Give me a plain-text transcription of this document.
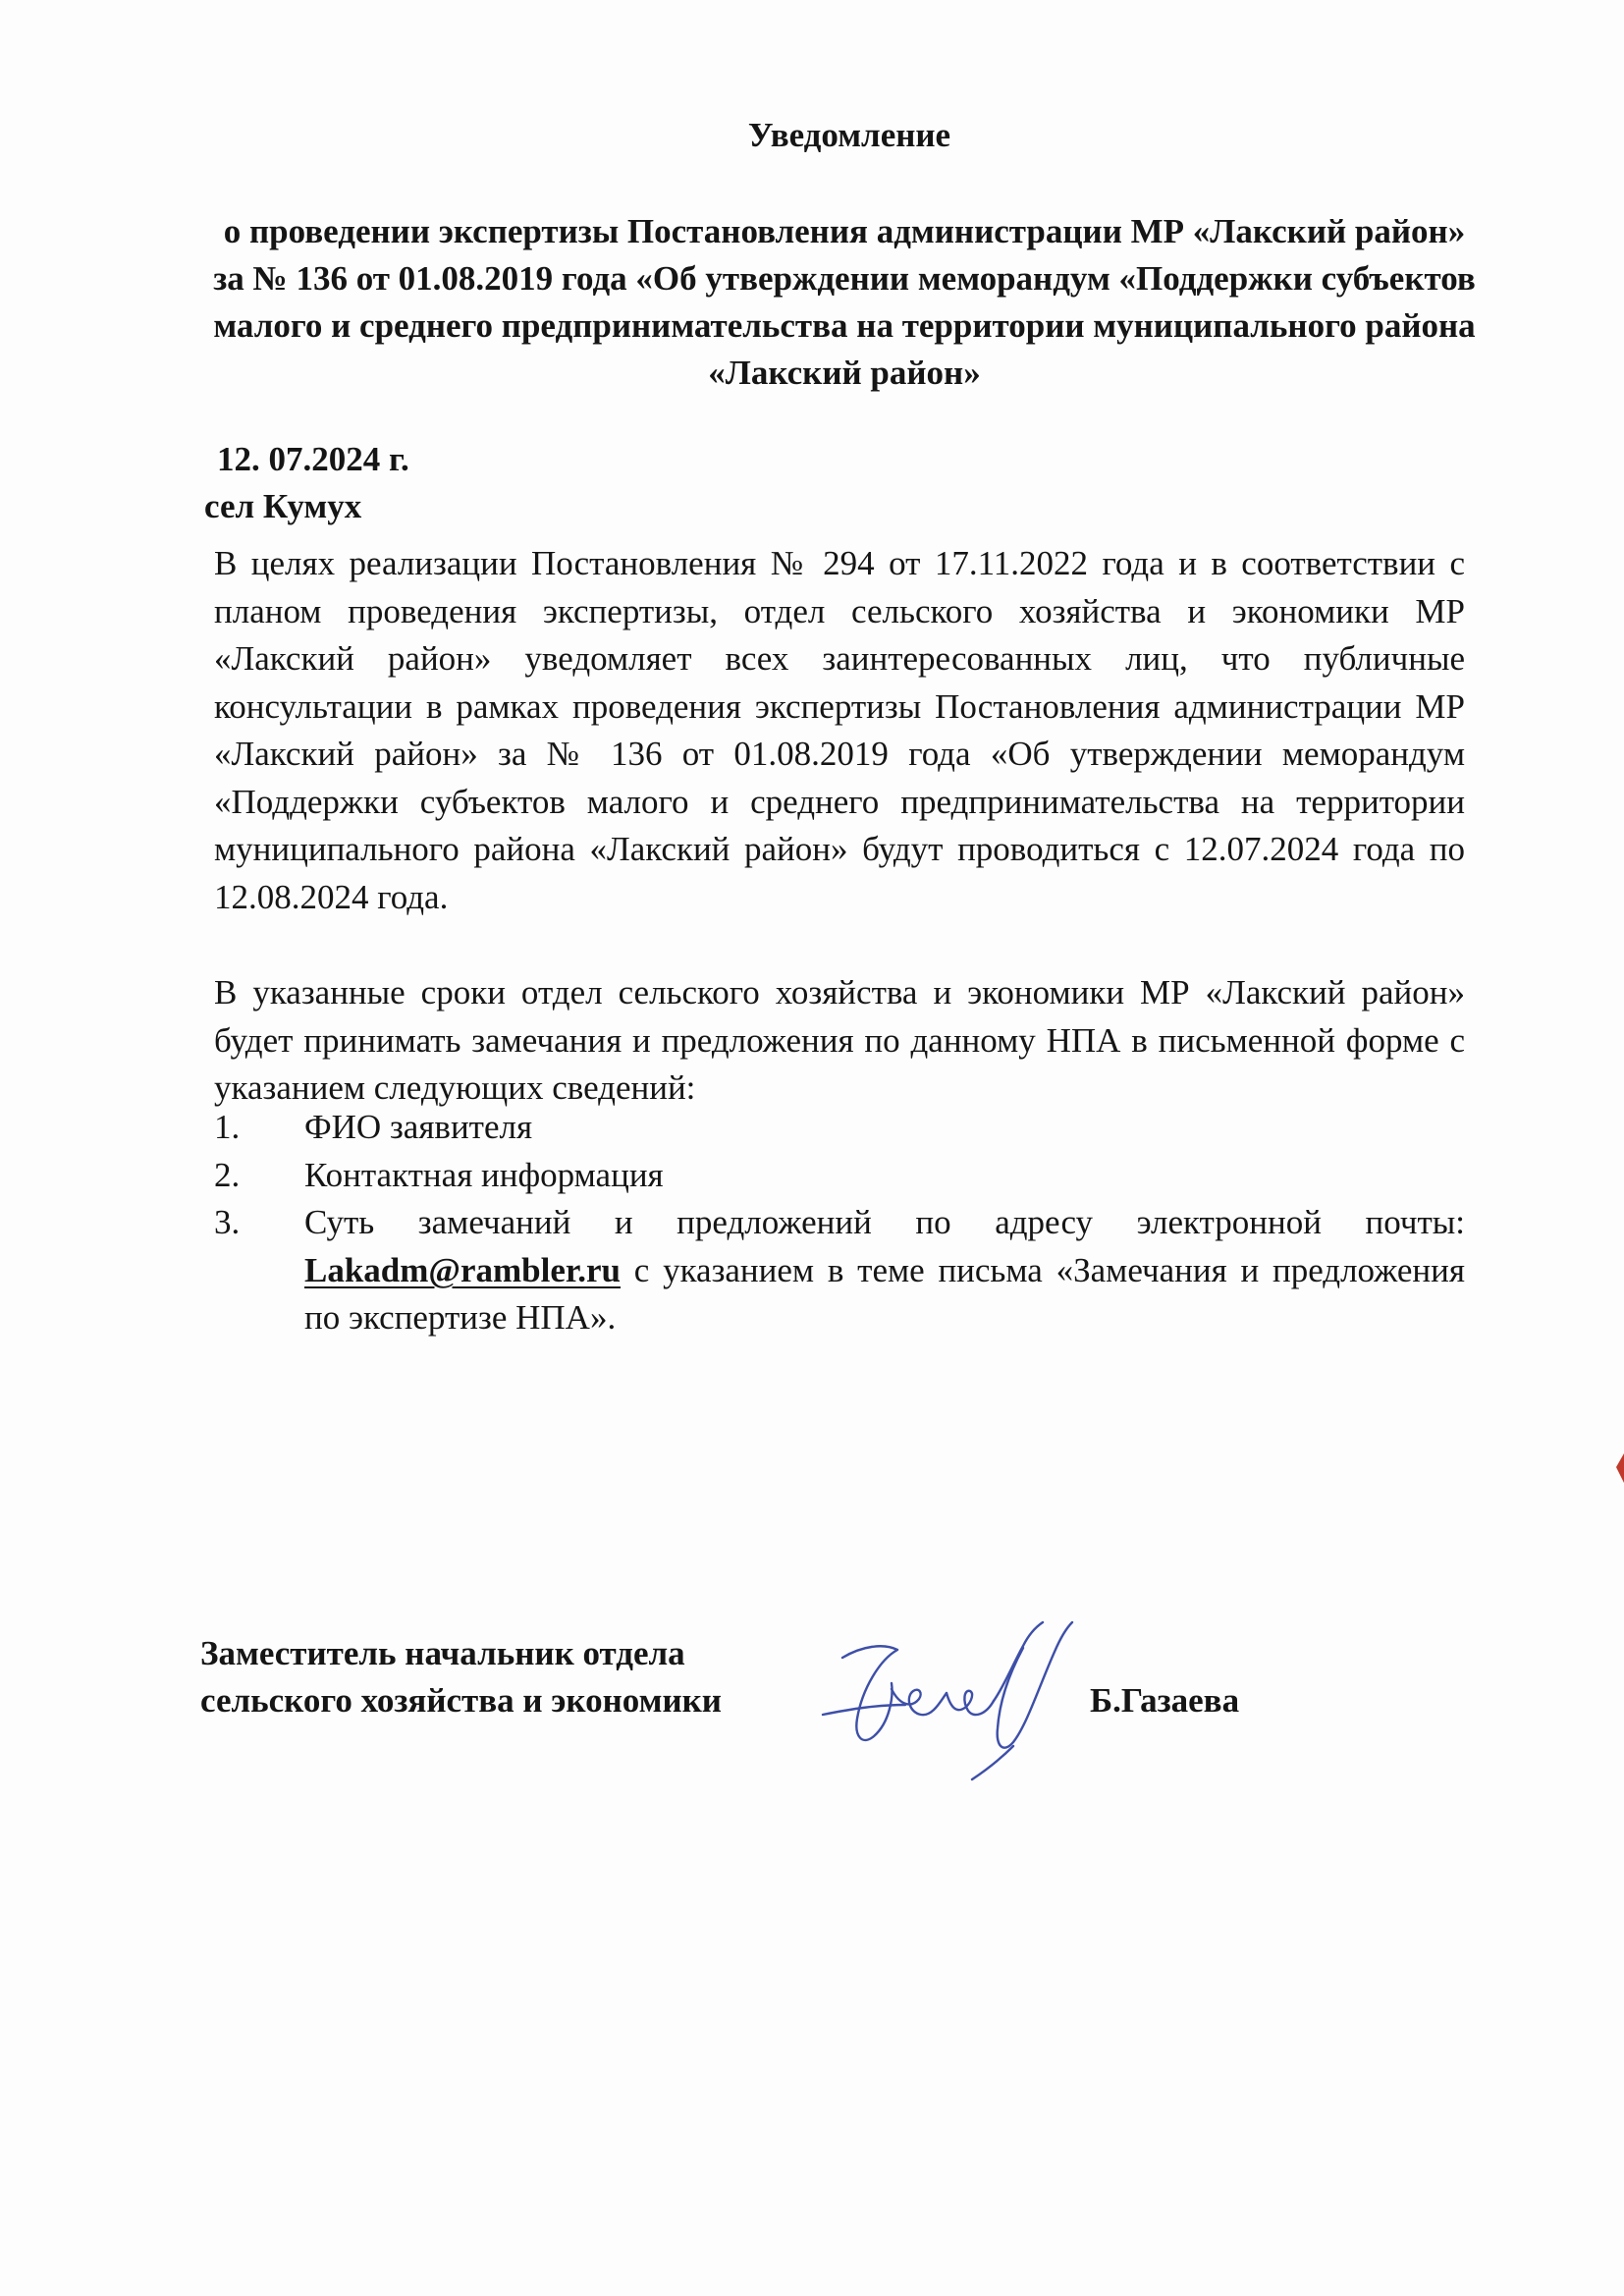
Уведомление
о проведении экспертизы Постановления администрации МР «Лакский район» за № 136 от 01.08.2019 года «Об утверждении меморандум «Поддержки субъектов малого и среднего предпринимательства на территории муниципального района «Лакский район»
12. 07.2024 г.
сел Кумух
В целях реализации Постановления № 294 от 17.11.2022 года и в соответствии с планом проведения экспертизы, отдел сельского хозяйства и экономики МР «Лакский район» уведомляет всех заинтересованных лиц, что публичные консультации в рамках проведения экспертизы Постановления администрации МР «Лакский район» за № 136 от 01.08.2019 года «Об утверждении меморандум «Поддержки субъектов малого и среднего предпринимательства на территории муниципального района «Лакский район» будут проводиться с 12.07.2024 года по 12.08.2024 года.
В указанные сроки отдел сельского хозяйства и экономики МР «Лакский район» будет принимать замечания и предложения по данному НПА в письменной форме с указанием следующих сведений:
1. ФИО заявителя
2. Контактная информация
3. Суть замечаний и предложений по адресу электронной почты: Lakadm@rambler.ru с указанием в теме письма «Замечания и предложения по экспертизе НПА».
Заместитель начальник отдела
сельского хозяйства и экономики	Б.Газаева
